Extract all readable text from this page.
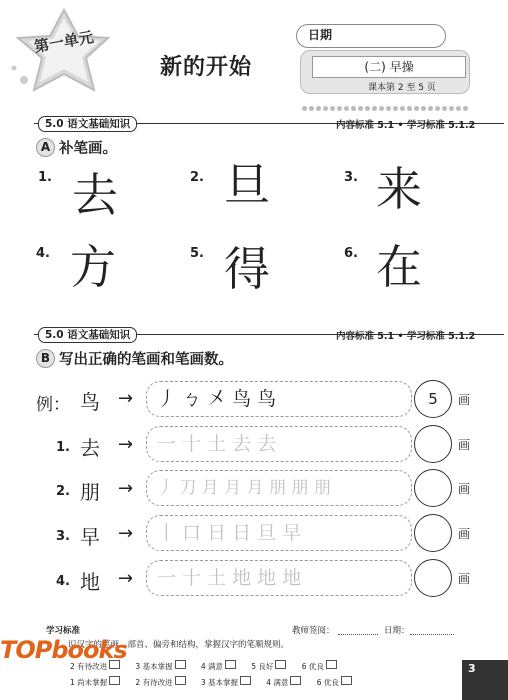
第一单元
新的开始
日期
(二) 早操
课本第 2 至 5 页
5.0 语文基础知识	内容标准 5.1 • 学习标准 5.1.2
A 补笔画。
1. 去	2. 旦	3. 来
4. 方	5. 得	6. 在
5.0 语文基础知识	内容标准 5.1 • 学习标准 5.1.2
B 写出正确的笔画和笔画数。
例： 鸟 →	丿 ㄅ 㐅 鸟 鸟	5	画
1. 去 →	一 十 土 去 去	画
2. 朋 →	丿 刀 月 月 月 朋 朋 朋	画
3. 早 →	丨 口 日 日 旦 早	画
4. 地 →	一 十 土 地 地 地	画
学习标准	教师签阅：	日期：
识汉字的笔画、部首、偏旁和结构，掌握汉字的笔顺规则。
2 有待改进	3 基本掌握	4 满意	5 良好	6 优良
1 尚未掌握	2 有待改进	3 基本掌握	4 满意	6 优良
TOPbooks
3
